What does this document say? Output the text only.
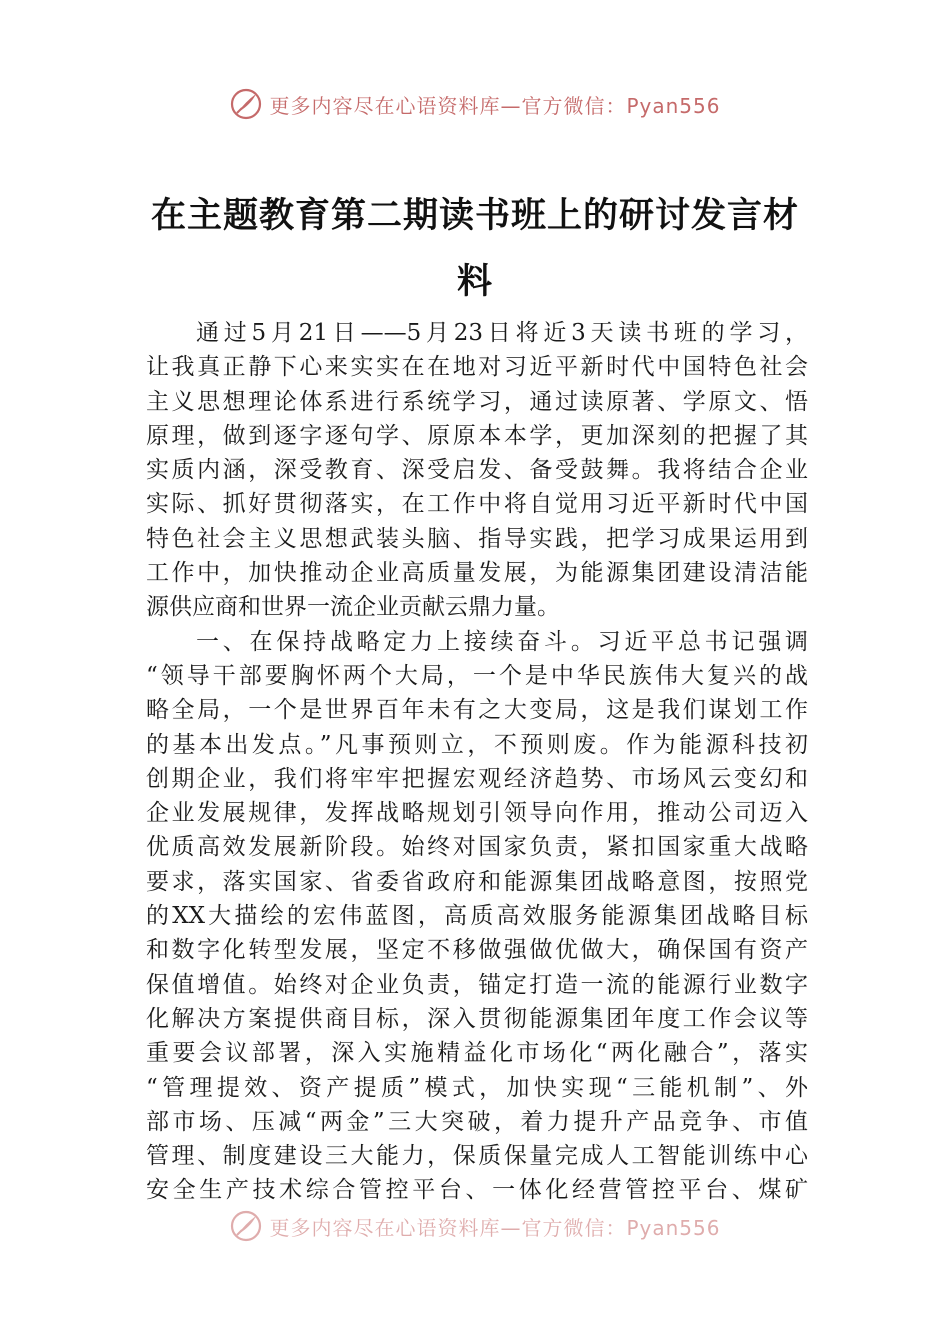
更多内容尽在心语资料库—官方微信：Pyan556
在主题教育第二期读书班上的研讨发言材
料
通过5月21日——5月23日将近3天读书班的学习，
让我真正静下心来实实在在地对习近平新时代中国特色社会
主义思想理论体系进行系统学习，通过读原著、学原文、悟
原理，做到逐字逐句学、原原本本学，更加深刻的把握了其
实质内涵，深受教育、深受启发、备受鼓舞。我将结合企业
实际、抓好贯彻落实，在工作中将自觉用习近平新时代中国
特色社会主义思想武装头脑、指导实践，把学习成果运用到
工作中，加快推动企业高质量发展，为能源集团建设清洁能
源供应商和世界一流企业贡献云鼎力量。
一、在保持战略定力上接续奋斗。习近平总书记强调
“领导干部要胸怀两个大局，一个是中华民族伟大复兴的战
略全局，一个是世界百年未有之大变局，这是我们谋划工作
的基本出发点。”凡事预则立，不预则废。作为能源科技初
创期企业，我们将牢牢把握宏观经济趋势、市场风云变幻和
企业发展规律，发挥战略规划引领导向作用，推动公司迈入
优质高效发展新阶段。始终对国家负责，紧扣国家重大战略
要求，落实国家、省委省政府和能源集团战略意图，按照党
的XX大描绘的宏伟蓝图，高质高效服务能源集团战略目标
和数字化转型发展，坚定不移做强做优做大，确保国有资产
保值增值。始终对企业负责，锚定打造一流的能源行业数字
化解决方案提供商目标，深入贯彻能源集团年度工作会议等
重要会议部署，深入实施精益化市场化“两化融合”，落实
“管理提效、资产提质”模式，加快实现“三能机制”、外
部市场、压减“两金”三大突破，着力提升产品竞争、市值
管理、制度建设三大能力，保质保量完成人工智能训练中心
安全生产技术综合管控平台、一体化经营管控平台、煤矿
更多内容尽在心语资料库—官方微信：Pyan556
